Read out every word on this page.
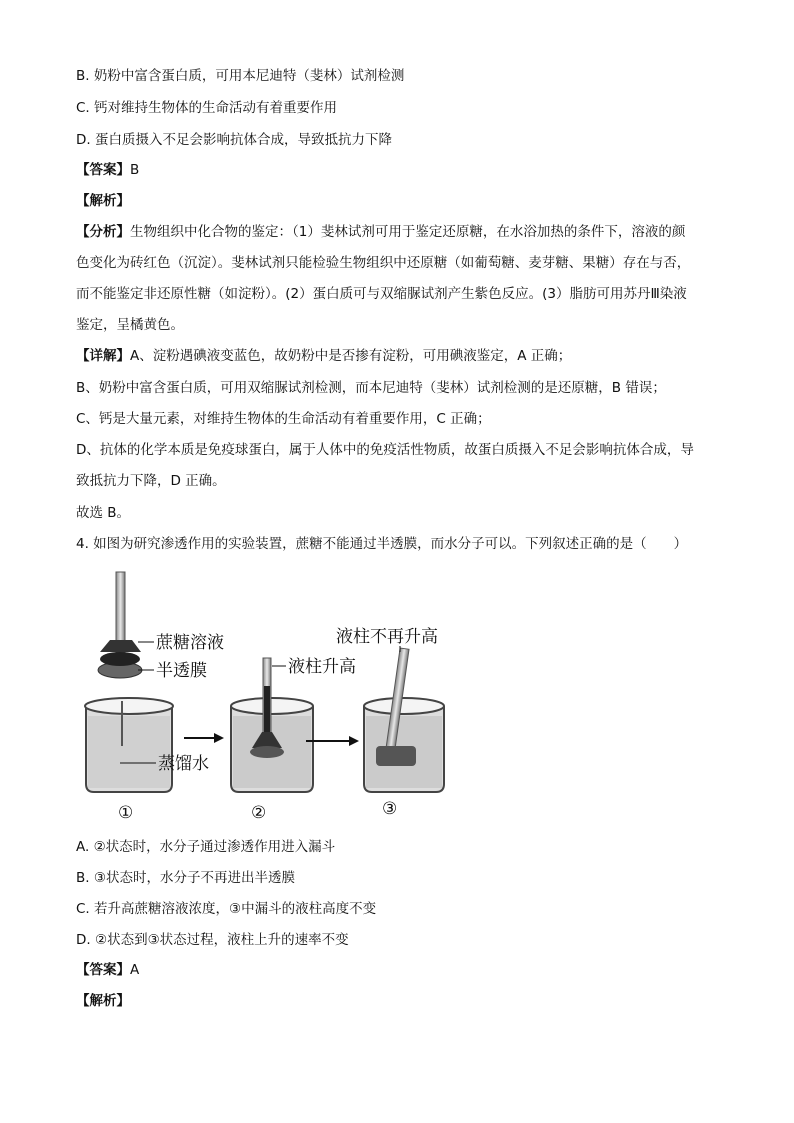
B. 奶粉中富含蛋白质，可用本尼迪特（斐林）试剂检测
C. 钙对维持生物体的生命活动有着重要作用
D. 蛋白质摄入不足会影响抗体合成，导致抵抗力下降
【答案】B
【解析】
【分析】生物组织中化合物的鉴定：（1）斐林试剂可用于鉴定还原糖，在水浴加热的条件下，溶液的颜
色变化为砖红色（沉淀）。斐林试剂只能检验生物组织中还原糖（如葡萄糖、麦芽糖、果糖）存在与否，
而不能鉴定非还原性糖（如淀粉）。(2）蛋白质可与双缩脲试剂产生紫色反应。(3）脂肪可用苏丹Ⅲ染液
鉴定，呈橘黄色。
【详解】A、淀粉遇碘液变蓝色，故奶粉中是否掺有淀粉，可用碘液鉴定，A 正确；
B、奶粉中富含蛋白质，可用双缩脲试剂检测，而本尼迪特（斐林）试剂检测的是还原糖，B 错误；
C、钙是大量元素，对维持生物体的生命活动有着重要作用，C 正确；
D、抗体的化学本质是免疫球蛋白，属于人体中的免疫活性物质，故蛋白质摄入不足会影响抗体合成，导
致抵抗力下降，D 正确。
故选 B。
4. 如图为研究渗透作用的实验装置，蔗糖不能通过半透膜，而水分子可以。下列叙述正确的是（　　）
蔗糖溶液
半透膜	液柱升高
液柱不再升高
蒸馏水
①	②	③
A. ②状态时，水分子通过渗透作用进入漏斗
B. ③状态时，水分子不再进出半透膜
C. 若升高蔗糖溶液浓度，③中漏斗的液柱高度不变
D. ②状态到③状态过程，液柱上升的速率不变
【答案】A
【解析】
